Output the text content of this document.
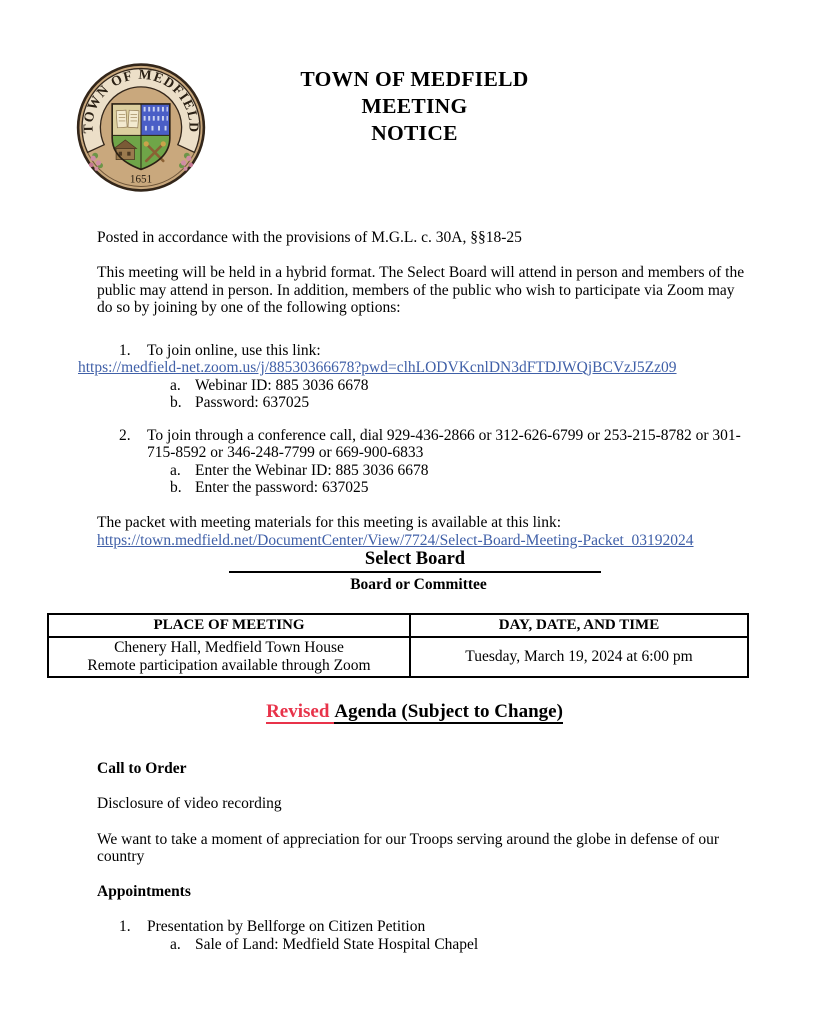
TOWN OF MEDFIELD
1651
TOWN OF MEDFIELD
MEETING
NOTICE

Posted in accordance with the provisions of M.G.L. c. 30A, §§18-25

This meeting will be held in a hybrid format. The Select Board will attend in person and members of the public may attend in person. In addition, members of the public who wish to participate via Zoom may do so by joining by one of the following options:

1.	To join online, use this link:
https://medfield-net.zoom.us/j/88530366678?pwd=clhLODVKcnlDN3dFTDJWQjBCVzJ5Zz09
a. Webinar ID: 885 3036 6678
b. Password: 637025
2.	To join through a conference call, dial 929-436-2866 or 312-626-6799 or 253-215-8782 or 301-715-8592 or 346-248-7799 or 669-900-6833
a. Enter the Webinar ID: 885 3036 6678
b. Enter the password: 637025

The packet with meeting materials for this meeting is available at this link:

https://town.medfield.net/DocumentCenter/View/7724/Select-Board-Meeting-Packet_03192024
Select Board
Board or Committee
PLACE OF MEETING	DAY, DATE, AND TIME

Chenery Hall, Medfield Town House
Remote participation available through Zoom	Tuesday, March 19, 2024 at 6:00 pm
Revised Agenda (Subject to Change)
Call to Order

Disclosure of video recording

We want to take a moment of appreciation for our Troops serving around the globe in defense of our country

Appointments
1.	Presentation by Bellforge on Citizen Petition
a. Sale of Land: Medfield State Hospital Chapel
